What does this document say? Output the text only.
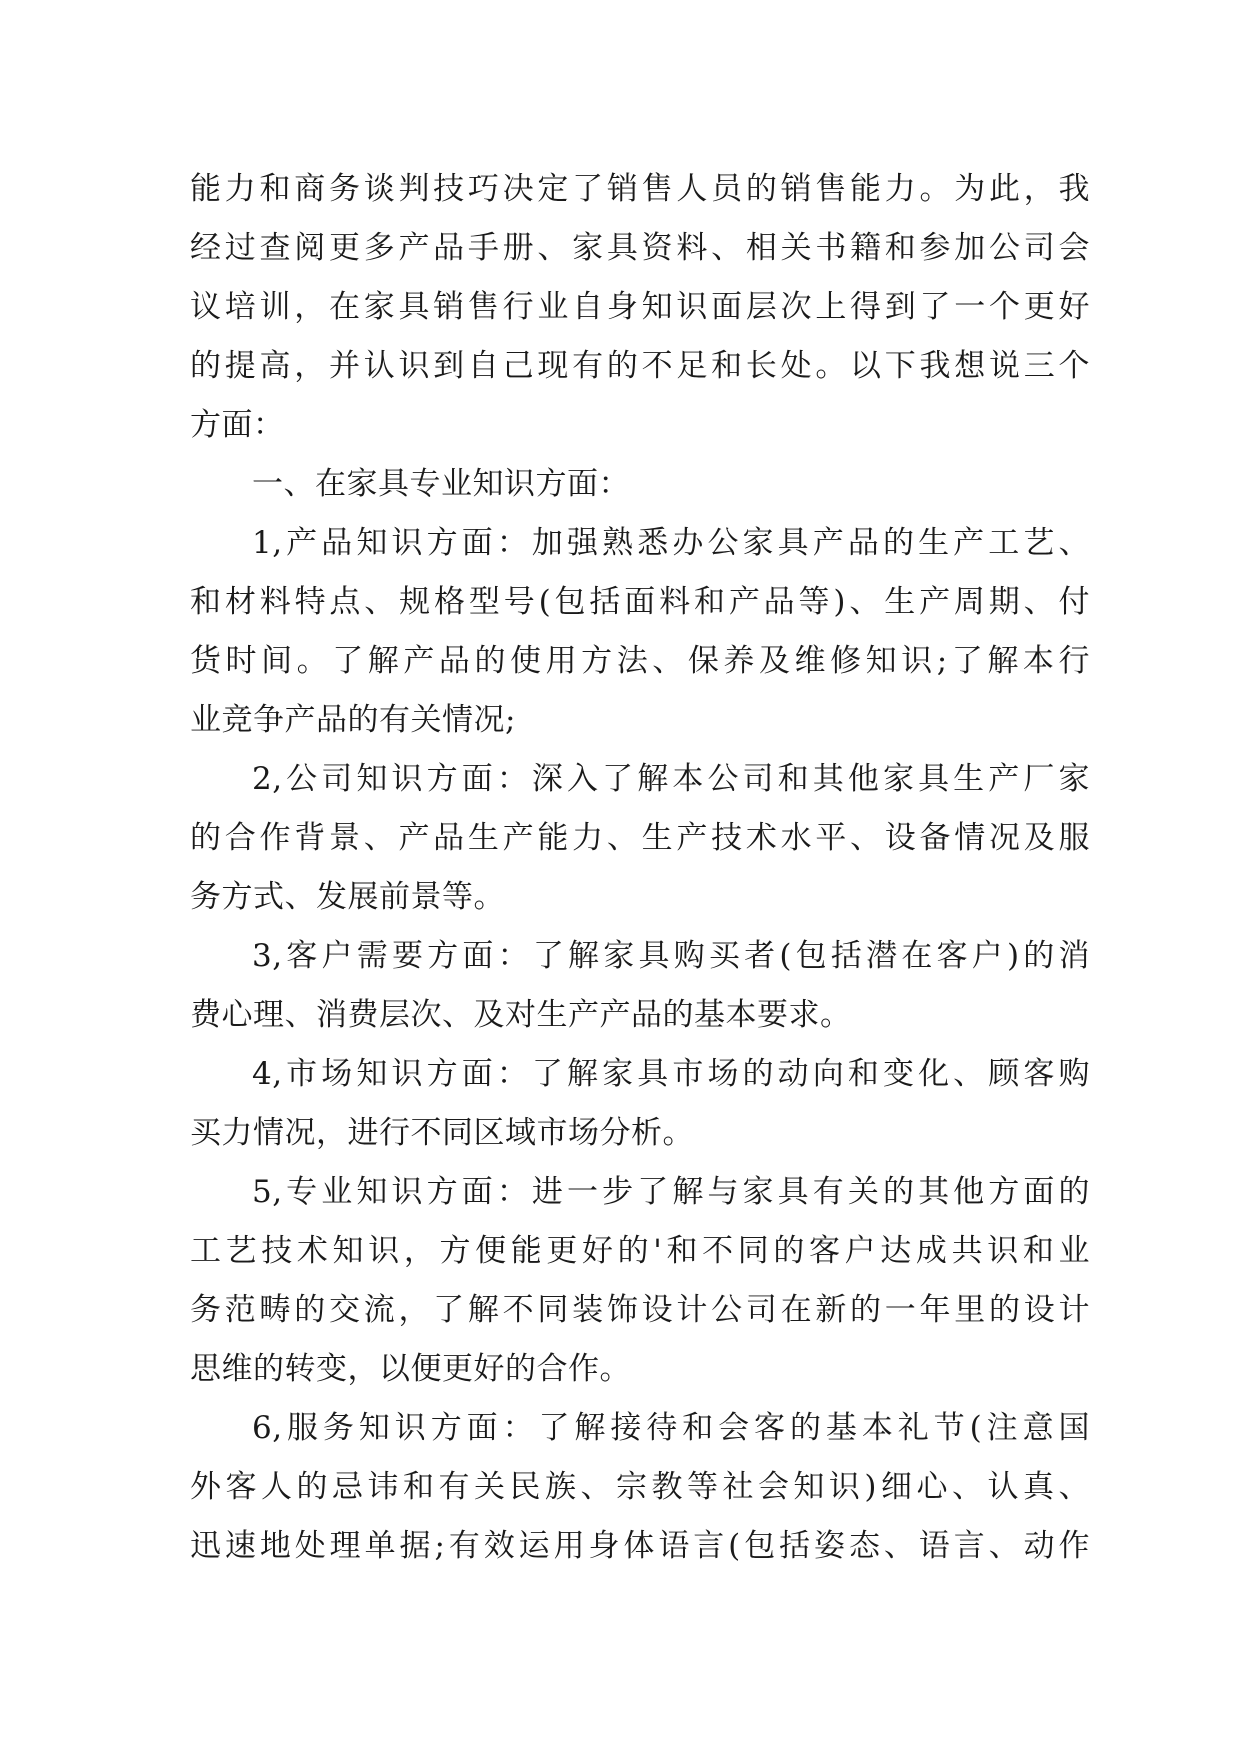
能力和商务谈判技巧决定了销售人员的销售能力。为此，我
经过查阅更多产品手册、家具资料、相关书籍和参加公司会
议培训，在家具销售行业自身知识面层次上得到了一个更好
的提高，并认识到自己现有的不足和长处。以下我想说三个
方面：
一、在家具专业知识方面：
1,产品知识方面：加强熟悉办公家具产品的生产工艺、
和材料特点、规格型号(包括面料和产品等)、生产周期、付
货时间。了解产品的使用方法、保养及维修知识;了解本行
业竞争产品的有关情况;
2,公司知识方面：深入了解本公司和其他家具生产厂家
的合作背景、产品生产能力、生产技术水平、设备情况及服
务方式、发展前景等。
3,客户需要方面：了解家具购买者(包括潜在客户)的消
费心理、消费层次、及对生产产品的基本要求。
4,市场知识方面：了解家具市场的动向和变化、顾客购
买力情况，进行不同区域市场分析。
5,专业知识方面：进一步了解与家具有关的其他方面的
工艺技术知识，方便能更好的'和不同的客户达成共识和业
务范畴的交流，了解不同装饰设计公司在新的一年里的设计
思维的转变，以便更好的合作。
6,服务知识方面：了解接待和会客的基本礼节(注意国
外客人的忌讳和有关民族、宗教等社会知识)细心、认真、
迅速地处理单据;有效运用身体语言(包括姿态、语言、动作
